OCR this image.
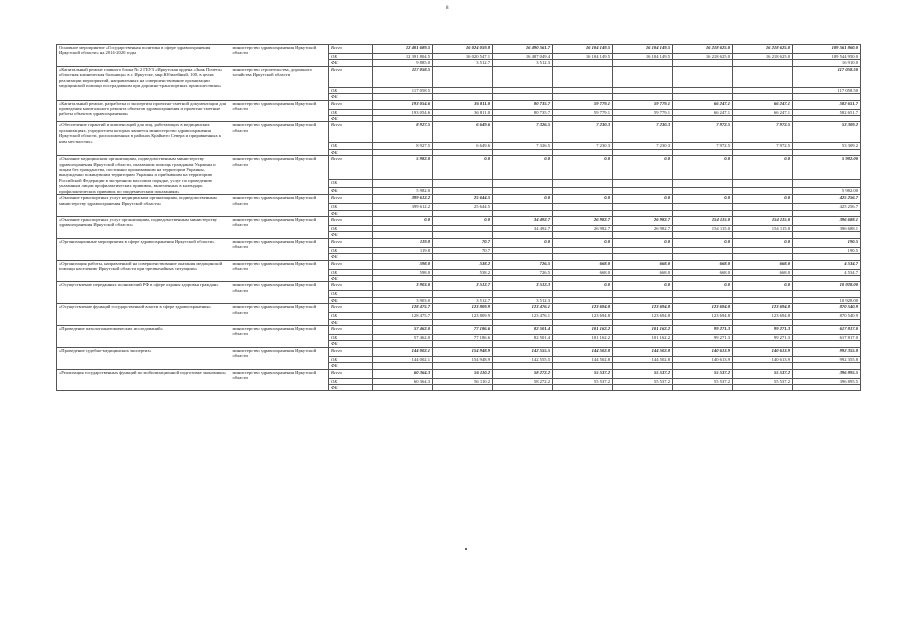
8
Основное мероприятие «Государственная политика в сфере здравоохранения Иркутской области» на 2014-2020 годы	министерство здравоохранения Иркутской области	Всего	12 401 689.5	16 024 059.8	16 490 561.7	16 104 149.5	16 104 149.5	16 218 625.0	16 218 625.0	109 561 860.0
		ОБ	12 391 804.5	16 020 547.1	16 487 049.4	16 104 149.5	16 104 149.5	16 218 625.0	16 218 625.0	109 544 950.0
		ФБ	9 885.0	3 512.7	3 512.3					16 910.0
«Капитальный ремонт главного блока № 2 ГБУЗ «Иркутская ордена «Знак Почета» областная клиническая больница» в г. Иркутске, мкр.Юбилейный, 100, в целях реализации мероприятий, направленных на совершенствование организации медицинской помощи пострадавшим при дорожно-транспортных происшествиях»	министерство строительства, дорожного хозяйства Иркутской области	Всего	117 058.5							117 058.50
		ОБ	117 058.5							117 058.50
		ФБ								
«Капитальный ремонт, разработка и экспертиза проектно-сметной документации для проведения капитального ремонта объектов здравоохранения и проектно-сметные работы объектов здравоохранения»	министерство здравоохранения Иркутской области	Всего	193 054.6	36 811.0	80 735.7	59 779.1	59 779.1	66 247.1	66 247.1	582 651.7
		ОБ	193 054.6	36 811.0	80 735.7	59 779.1	59 779.1	66 247.1	66 247.1	582 651.7
		ФБ								
«Обеспечение гарантий и компенсаций для лиц, работающих в медицинских организациях, учредителем которых является министерство здравоохранения Иркутской области, расположенных в районах Крайнего Севера и приравненных к ним местностях»	министерство здравоохранения Иркутской области	Всего	8 927.5	6 649.6	7 326.5	7 230.3	7 230.3	7 972.5	7 972.5	53 309.2
		ОБ	8 927.5	6 649.6	7 326.5	7 230.3	7 230.3	7 972.5	7 972.5	53 309.2
		ФБ								
«Оказание медицинским организациям, подведомственным министерству здравоохранения Иркутской области, оказавшим помощь гражданам Украины и лицам без гражданства, постоянно проживавшим на территории Украины, вынужденно покинувшим территорию Украины и прибывшим на территорию Российской Федерации в экстренном массовом порядке, услуг по проведению указанным лицам профилактических прививок, включенных в календарь профилактических прививок по эпидемическим показаниям»	министерство здравоохранения Иркутской области	Всего	5 982.0	0.0	0.0	0.0	0.0	0.0	0.0	5 982.00
		ОБ								
		ФБ	5 982.0							5 982.00
«Оказание транспортных услуг медицинским организациям, подведомственным министерству здравоохранения Иркутской области»	министерство здравоохранения Иркутской области	Всего	399 612.2	25 644.5	0.0	0.0	0.0	0.0	0.0	425 256.7
		ОБ	399 612.2	25 644.5						425 256.7
		ФБ								
«Оказание транспортных услуг организациям, подведомственным министерству здравоохранения Иркутской области»	министерство здравоохранения Иркутской области	Всего	0.0	0.0	34 492.7	26 982.7	26 982.7	154 115.0	154 115.0	396 688.1
		ОБ			34 492.7	26 982.7	26 982.7	154 115.0	154 115.0	396 688.1
		ФБ								
«Организационные мероприятия в сфере здравоохранения Иркутской области»	министерство здравоохранения Иркутской области	Всего	119.8	70.7	0.0	0.0	0.0	0.0	0.0	190.5
		ОБ	119.8	70.7						190.5
		ФБ								
«Организация работы, направленной на совершенствование оказания медицинской помощи населению Иркутской области при чрезвычайных ситуациях»	министерство здравоохранения Иркутской области	Всего	598.0	538.2	726.5	668.0	668.0	668.0	668.0	4 534.7
		ОБ	598.0	538.2	726.5	668.0	668.0	668.0	668.0	4 534.7
		ФБ								
«Осуществление переданных полномочий РФ в сфере охраны здоровья граждан»	министерство здравоохранения Иркутской области	Всего	3 903.0	3 512.7	3 512.3	0.0	0.0	0.0	0.0	10 928.00
		ОБ								
		ФБ	3 903.0	3 512.7	3 512.3					10 928.00
«Осуществление функций государственной власти в сфере здравоохранения»	министерство здравоохранения Иркутской области	Всего	128 475.7	123 809.9	123 476.1	123 694.8	123 694.8	123 694.8	123 694.8	870 540.9
		ОБ	128 475.7	123 809.9	123 476.1	123 694.8	123 694.8	123 694.8	123 694.8	870 540.9
		ФБ								
«Проведение патологоанатомических исследований»	министерство здравоохранения Иркутской области	Всего	57 462.0	77 186.6	82 501.4	101 162.2	101 162.2	99 271.3	99 271.3	617 817.0
		ОБ	57 462.0	77 186.6	82 501.4	101 162.2	101 162.2	99 271.3	99 271.3	617 817.0
		ФБ								
«Проведение судебно-медицинских экспертиз»	министерство здравоохранения Иркутской области	Всего	144 002.1	154 948.9	142 555.5	144 502.8	144 502.8	140 613.9	140 613.9	992 355.8
		ОБ	144 002.1	154 948.9	142 555.5	144 502.8	144 502.8	140 613.9	140 613.9	992 355.8
		ФБ								
«Реализация государственных функций по мобилизационной подготовке экономики»	министерство здравоохранения Иркутской области	Всего	60 364.3	56 110.2	58 272.2	55 537.2	55 537.2	55 537.2	55 537.2	396 895.5
		ОБ	60 364.3	56 110.2	58 272.2	55 537.2	55 537.2	55 537.2	55 537.2	396 895.5
		ФБ								
